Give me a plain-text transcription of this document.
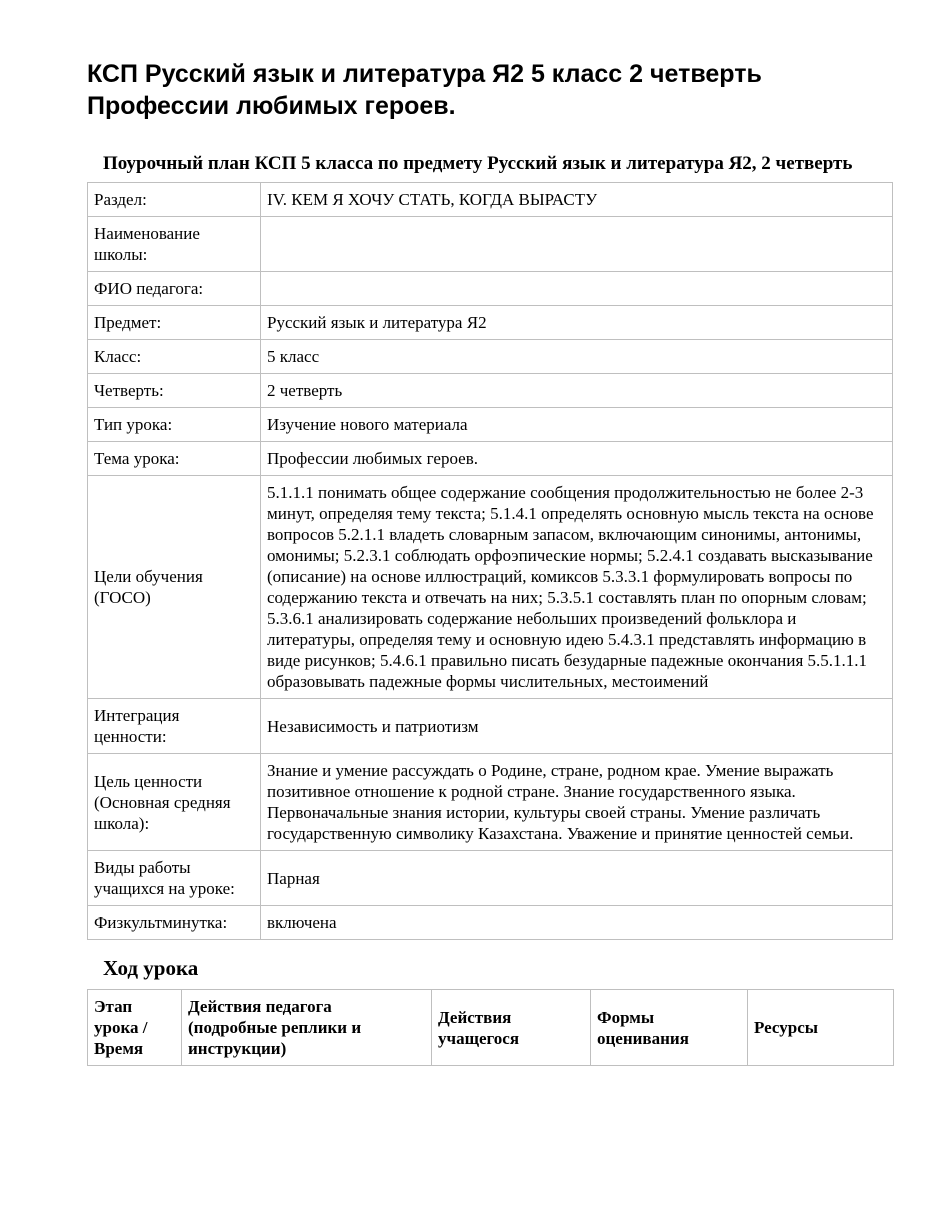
КСП Русский язык и литература Я2 5 класс 2 четверть
Профессии любимых героев.
Поурочный план КСП 5 класса по предмету Русский язык и литература Я2, 2 четверть
Раздел:	IV. КЕМ Я ХОЧУ СТАТЬ, КОГДА ВЫРАСТУ
Наименование школы:	
ФИО педагога:	
Предмет:	Русский язык и литература Я2
Класс:	5 класс
Четверть:	2 четверть
Тип урока:	Изучение нового материала
Тема урока:	Профессии любимых героев.
Цели обучения (ГОСО)	5.1.1.1 понимать общее содержание сообщения продолжительностью не более 2-3 минут, определяя тему текста; 5.1.4.1 определять основную мысль текста на основе вопросов 5.2.1.1 владеть словарным запасом, включающим синонимы, антонимы, омонимы; 5.2.3.1 соблюдать орфоэпические нормы; 5.2.4.1 создавать высказывание (описание) на основе иллюстраций, комиксов 5.3.3.1 формулировать вопросы по содержанию текста и отвечать на них; 5.3.5.1 составлять план по опорным словам; 5.3.6.1 анализировать содержание небольших произведений фольклора и литературы, определяя тему и основную идею 5.4.3.1 представлять информацию в виде рисунков; 5.4.6.1 правильно писать безударные падежные окончания 5.5.1.1.1 образовывать падежные формы числительных, местоимений
Интеграция ценности:	Независимость и патриотизм
Цель ценности (Основная средняя школа):	Знание и умение рассуждать о Родине, стране, родном крае. Умение выражать позитивное отношение к родной стране. Знание государственного языка. Первоначальные знания истории, культуры своей страны. Умение различать государственную символику Казахстана. Уважение и принятие ценностей семьи.
Виды работы учащихся на уроке:	Парная
Физкультминутка:	включена
Ход урока
Этап урока / Время	Действия педагога (подробные реплики и инструкции)	Действия учащегося	Формы оценивания	Ресурсы
